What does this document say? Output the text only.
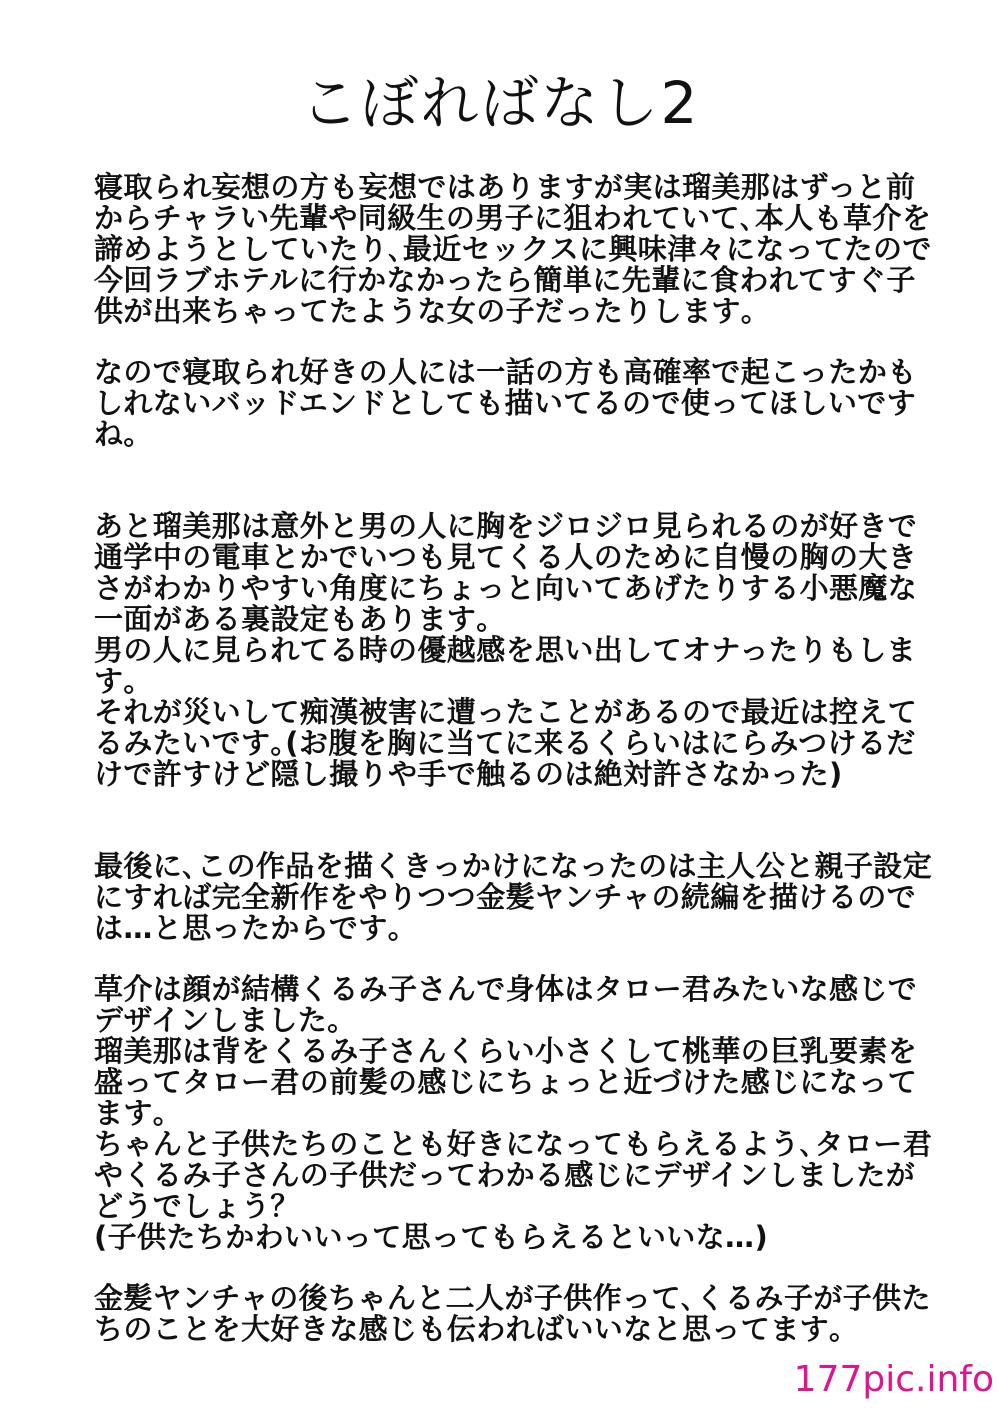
こぼればなし2
寝取られ妄想の方も妄想ではありますが実は瑠美那はずっと前
からチャラい先輩や同級生の男子に狙われていて､本人も草介を
諦めようとしていたり､最近セックスに興味津々になってたので
今回ラブホテルに行かなかったら簡単に先輩に食われてすぐ子
供が出来ちゃってたような女の子だったりします｡
なので寝取られ好きの人には一話の方も高確率で起こったかも
しれないバッドエンドとしても描いてるので使ってほしいです
ね｡
あと瑠美那は意外と男の人に胸をジロジロ見られるのが好きで
通学中の電車とかでいつも見てくる人のために自慢の胸の大き
さがわかりやすい角度にちょっと向いてあげたりする小悪魔な
一面がある裏設定もあります｡
男の人に見られてる時の優越感を思い出してオナったりもしま
す｡
それが災いして痴漢被害に遭ったことがあるので最近は控えて
るみたいです｡(お腹を胸に当てに来るくらいはにらみつけるだ
けで許すけど隠し撮りや手で触るのは絶対許さなかった)
最後に､この作品を描くきっかけになったのは主人公と親子設定
にすれば完全新作をやりつつ金髪ヤンチャの続編を描けるので
は…と思ったからです｡
草介は顔が結構くるみ子さんで身体はタロー君みたいな感じで
デザインしました｡
瑠美那は背をくるみ子さんくらい小さくして桃華の巨乳要素を
盛ってタロー君の前髪の感じにちょっと近づけた感じになって
ます｡
ちゃんと子供たちのことも好きになってもらえるよう､タロー君
やくるみ子さんの子供だってわかる感じにデザインしましたが
どうでしょう？
(子供たちかわいいって思ってもらえるといいな…)
金髪ヤンチャの後ちゃんと二人が子供作って､くるみ子が子供た
ちのことを大好きな感じも伝わればいいなと思ってます｡
177pic.info
